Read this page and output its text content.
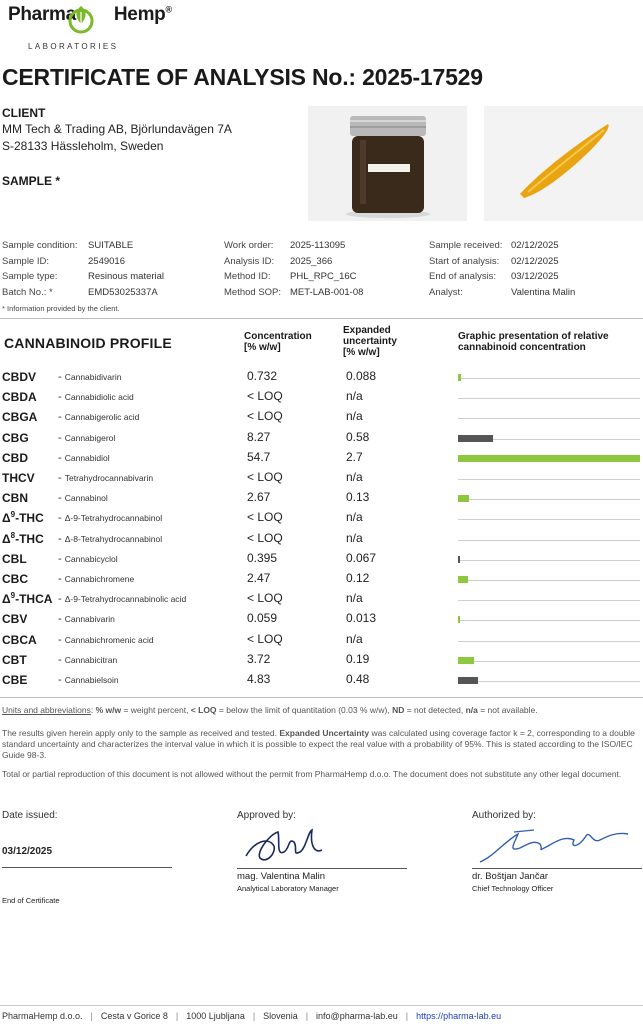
Pharma Hemp®
LABORATORIES
CERTIFICATE OF ANALYSIS No.: 2025-17529
CLIENT
MM Tech & Trading AB, Björlundavägen 7A
S-28133 Hässleholm, Sweden
SAMPLE *
Sample condition: SUITABLE
Sample ID:	2549016
Sample type:	Resinous material
Batch No.: *	EMD53025337A
Work order: 2025-113095
Analysis ID: 2025_366
Method ID: PHL_RPC_16C
Method SOP: MET-LAB-001-08
Sample received: 02/12/2025
Start of analysis: 02/12/2025
End of analysis: 03/12/2025
Analyst:	Valentina Malin
* Information provided by the client.
CANNABINOID PROFILE	Concentration
[% w/w]
Expanded
uncertainty
[% w/w]
Graphic presentation of relative
cannabinoid concentration
CBDV - Cannabidivarin	0.732	0.088
CBDA - Cannabidiolic acid	< LOQ	n/a
CBGA - Cannabigerolic acid	< LOQ	n/a
CBG	- Cannabigerol	8.27	0.58
CBD	- Cannabidiol	54.7	2.7
THCV - Tetrahydrocannabivarin	< LOQ	n/a
CBN	- Cannabinol	2.67	0.13
$\Delta^9$-THC - Δ-9-Tetrahydrocannabinol	< LOQ	n/a
$\Delta^8$-THC - Δ-8-Tetrahydrocannabinol	< LOQ	n/a
CBL	- Cannabicyclol	0.395	0.067
CBC	- Cannabichromene	2.47	0.12
$\Delta^9$-THCA - Δ-9-Tetrahydrocannabinolic acid	< LOQ	n/a
CBV	- Cannabivarin	0.059	0.013
CBCA - Cannabichromenic acid	< LOQ	n/a
CBT	- Cannabicitran	3.72	0.19
CBE	- Cannabielsoin	4.83	0.48
Units and abbreviations: % w/w = weight percent, < LOQ = below the limit of quantitation (0.03 % w/w), ND = not detected, n/a = not available.
The results given herein apply only to the sample as received and tested. Expanded Uncertainty was calculated using coverage factor k = 2, corresponding to a double standard uncertainty and characterizes the interval value in which it is possible to expect the real value with a probability of 95%. This is stated according to the ISO/IEC Guide 98-3.
Total or partial reproduction of this document is not allowed without the permit from PharmaHemp d.o.o. The document does not substitute any other legal document.
Date issued:
03/12/2025
Approved by:
mag. Valentina Malin
Analytical Laboratory Manager
Authorized by:
dr. Boštjan Jančar
Chief Technology Officer
End of Certificate
PharmaHemp d.o.o. | Cesta v Gorice 8 | 1000 Ljubljana | Slovenia | info@pharma-lab.eu | https://pharma-lab.eu
